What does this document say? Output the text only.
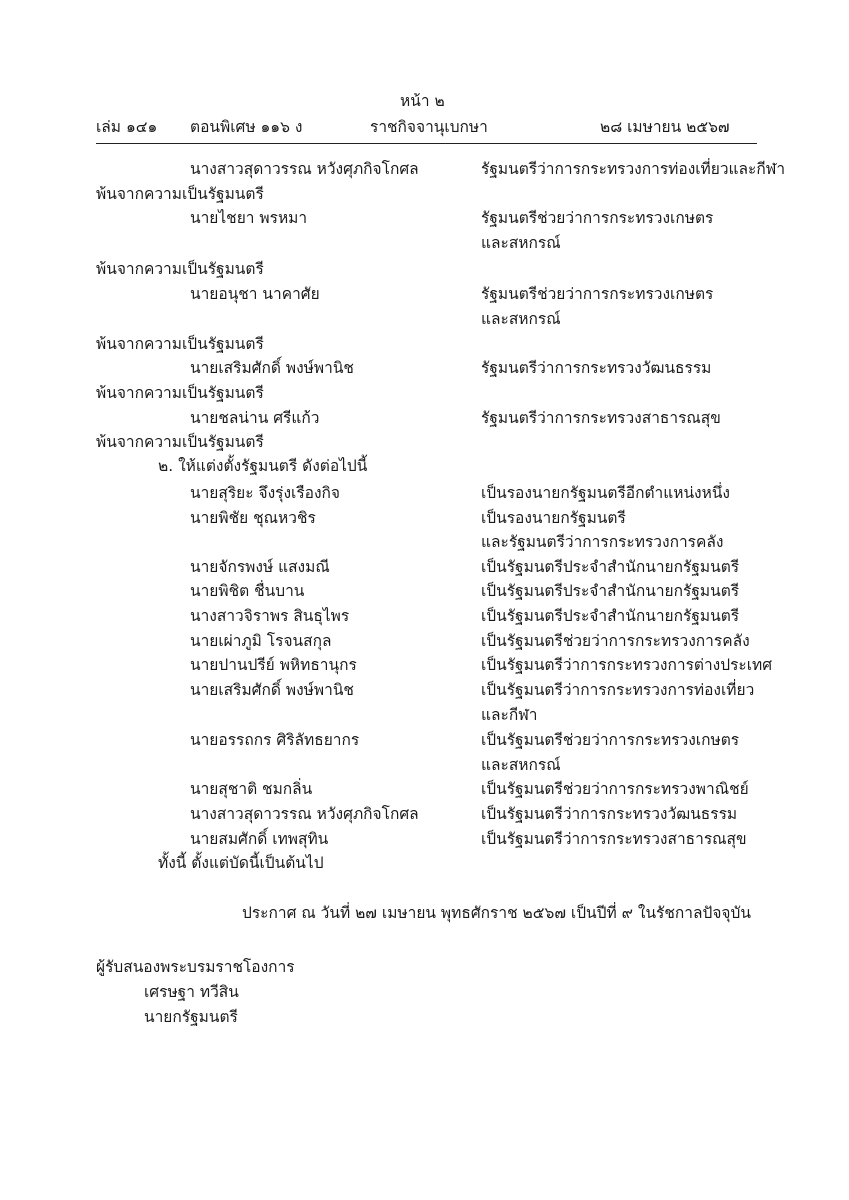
หน้า ๒
เล่ม ๑๔๑ ตอนพิเศษ ๑๑๖ ง	ราชกิจจานุเบกษา	๒๘ เมษายน ๒๕๖๗
นางสาวสุดาวรรณ หวังศุภกิจโกศล	รัฐมนตรีว่าการกระทรวงการท่องเที่ยวและกีฬา
พ้นจากความเป็นรัฐมนตรี
นายไชยา พรหมา	รัฐมนตรีช่วยว่าการกระทรวงเกษตร
และสหกรณ์
พ้นจากความเป็นรัฐมนตรี
นายอนุชา นาคาศัย	รัฐมนตรีช่วยว่าการกระทรวงเกษตร
และสหกรณ์
พ้นจากความเป็นรัฐมนตรี
นายเสริมศักดิ์ พงษ์พานิช	รัฐมนตรีว่าการกระทรวงวัฒนธรรม
พ้นจากความเป็นรัฐมนตรี
นายชลน่าน ศรีแก้ว	รัฐมนตรีว่าการกระทรวงสาธารณสุข
พ้นจากความเป็นรัฐมนตรี
๒. ให้แต่งตั้งรัฐมนตรี ดังต่อไปนี้
นายสุริยะ จึงรุ่งเรืองกิจ	เป็นรองนายกรัฐมนตรีอีกตำแหน่งหนึ่ง
นายพิชัย ชุณหวชิร	เป็นรองนายกรัฐมนตรี
และรัฐมนตรีว่าการกระทรวงการคลัง
นายจักรพงษ์ แสงมณี	เป็นรัฐมนตรีประจำสำนักนายกรัฐมนตรี
นายพิชิต ชื่นบาน	เป็นรัฐมนตรีประจำสำนักนายกรัฐมนตรี
นางสาวจิราพร สินธุไพร	เป็นรัฐมนตรีประจำสำนักนายกรัฐมนตรี
นายเผ่าภูมิ โรจนสกุล	เป็นรัฐมนตรีช่วยว่าการกระทรวงการคลัง
นายปานปรีย์ พหิทธานุกร	เป็นรัฐมนตรีว่าการกระทรวงการต่างประเทศ
นายเสริมศักดิ์ พงษ์พานิช	เป็นรัฐมนตรีว่าการกระทรวงการท่องเที่ยว
และกีฬา
นายอรรถกร ศิริลัทธยากร	เป็นรัฐมนตรีช่วยว่าการกระทรวงเกษตร
และสหกรณ์
นายสุชาติ ชมกลิ่น	เป็นรัฐมนตรีช่วยว่าการกระทรวงพาณิชย์
นางสาวสุดาวรรณ หวังศุภกิจโกศล	เป็นรัฐมนตรีว่าการกระทรวงวัฒนธรรม
นายสมศักดิ์ เทพสุทิน	เป็นรัฐมนตรีว่าการกระทรวงสาธารณสุข
ทั้งนี้ ตั้งแต่บัดนี้เป็นต้นไป
ประกาศ ณ วันที่ ๒๗ เมษายน พุทธศักราช ๒๕๖๗ เป็นปีที่ ๙ ในรัชกาลปัจจุบัน
ผู้รับสนองพระบรมราชโองการ
เศรษฐา ทวีสิน
นายกรัฐมนตรี
